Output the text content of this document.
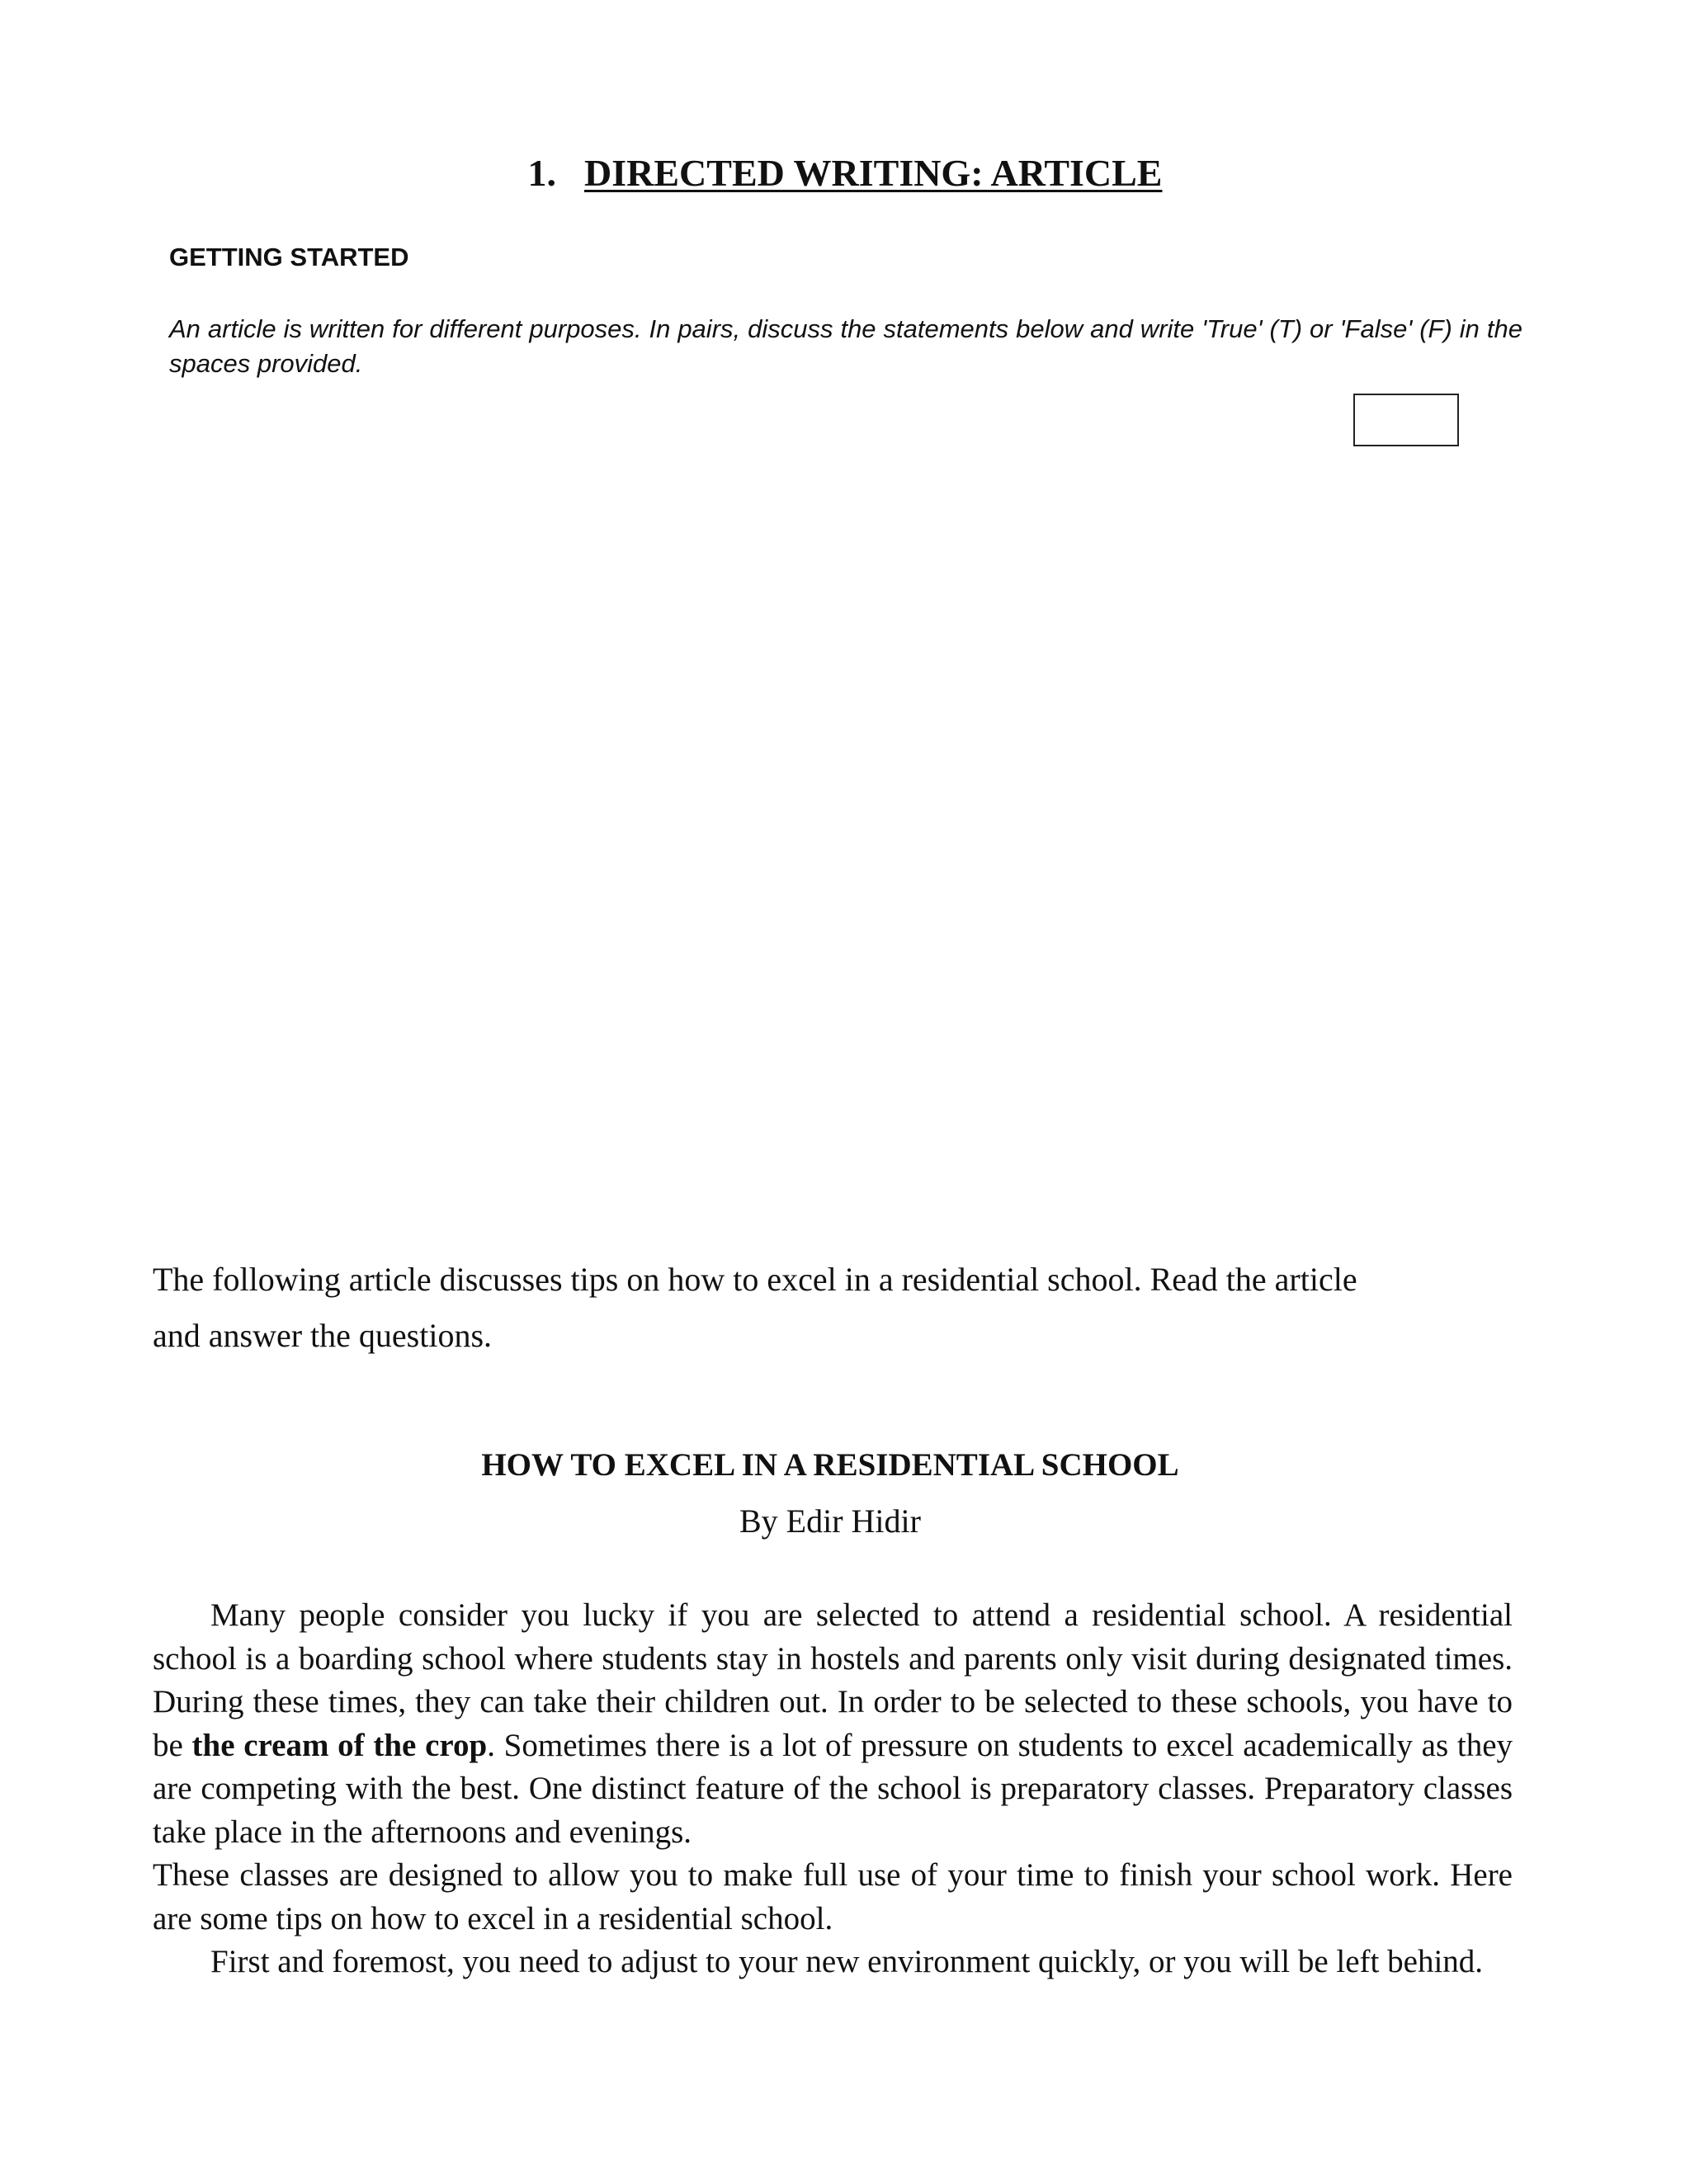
1. DIRECTED WRITING: ARTICLE
GETTING STARTED

An article is written for different purposes. In pairs, discuss the statements below and write 'True' (T) or 'False' (F) in the spaces provided.

The following article discusses tips on how to excel in a residential school. Read the article and answer the questions.

HOW TO EXCEL IN A RESIDENTIAL SCHOOL

By Edir Hidir

Many people consider you lucky if you are selected to attend a residential school. A residential school is a boarding school where students stay in hostels and parents only visit during designated times. During these times, they can take their children out. In order to be selected to these schools, you have to be the cream of the crop. Sometimes there is a lot of pressure on students to excel academically as they are competing with the best. One distinct feature of the school is preparatory classes. Preparatory classes take place in the afternoons and evenings.

These classes are designed to allow you to make full use of your time to finish your school work. Here are some tips on how to excel in a residential school.

First and foremost, you need to adjust to your new environment quickly, or you will be left behind.
